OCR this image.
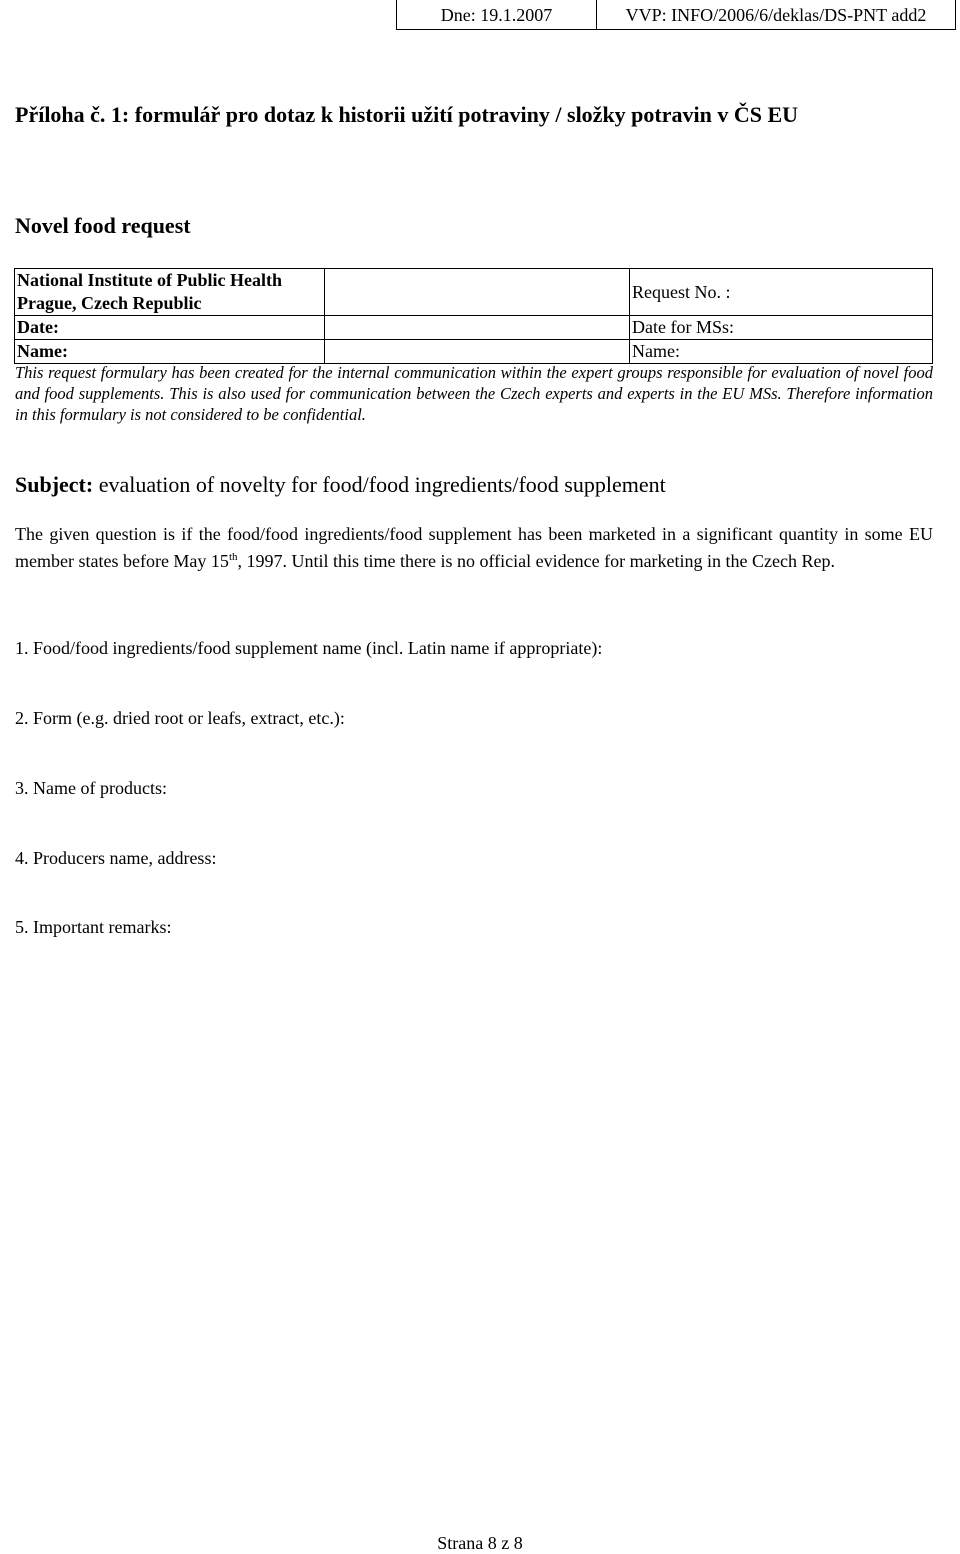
Dne: 19.1.2007	VVP: INFO/2006/6/deklas/DS-PNT add2
Příloha č. 1: formulář pro dotaz k historii užití potraviny / složky potravin v ČS EU
Novel food request
National Institute of Public Health Prague, Czech Republic		Request No. :
Date:		Date for MSs:
Name:		Name:
This request formulary has been created for the internal communication within the expert groups responsible for evaluation of novel food and food supplements. This is also used for communication between the Czech experts and experts in the EU MSs. Therefore information in this formulary is not considered to be confidential.
Subject: evaluation of novelty for food/food ingredients/food supplement
The given question is if the food/food ingredients/food supplement has been marketed in a significant quantity in some EU member states before May 15th, 1997. Until this time there is no official evidence for marketing in the Czech Rep.
1. Food/food ingredients/food supplement name (incl. Latin name if appropriate):
2. Form (e.g. dried root or leafs, extract, etc.):
3. Name of products:
4. Producers name, address:
5. Important remarks:
Strana 8 z 8
